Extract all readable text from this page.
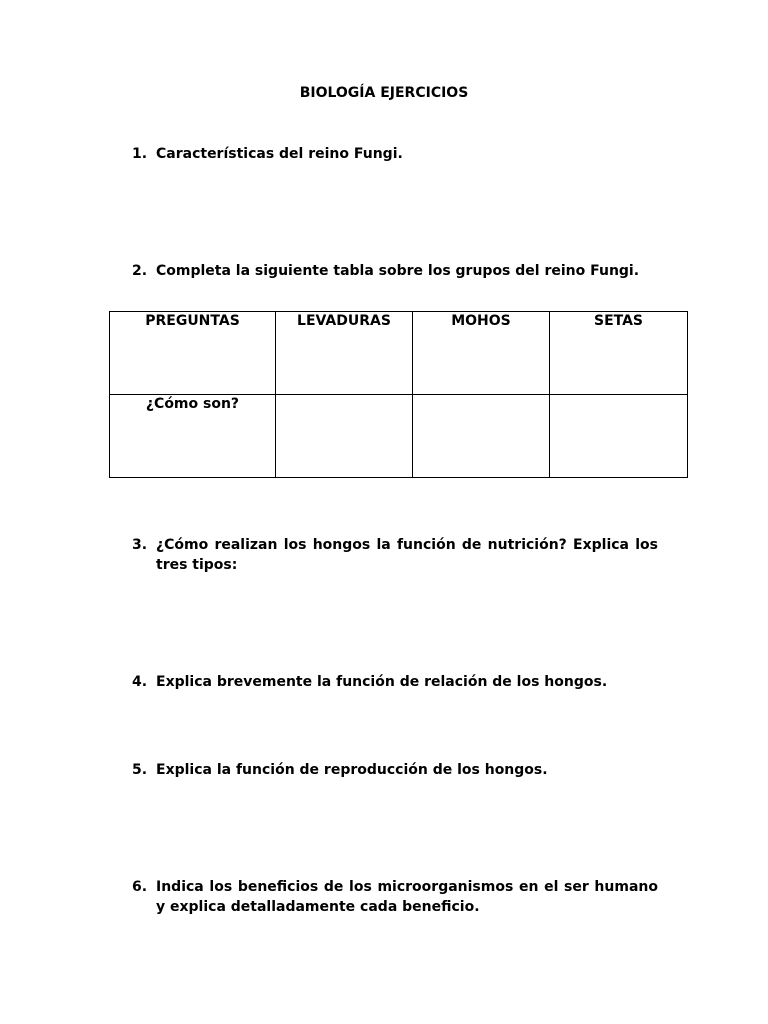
BIOLOGÍA EJERCICIOS
1. Características del reino Fungi.
2. Completa la siguiente tabla sobre los grupos del reino Fungi.
PREGUNTAS	LEVADURAS	MOHOS	SETAS
¿Cómo son?			
3. ¿Cómo realizan los hongos la función de nutrición? Explica los tres tipos:
4. Explica brevemente la función de relación de los hongos.
5. Explica la función de reproducción de los hongos.
6. Indica los beneficios de los microorganismos en el ser humano y explica detalladamente cada beneficio.
